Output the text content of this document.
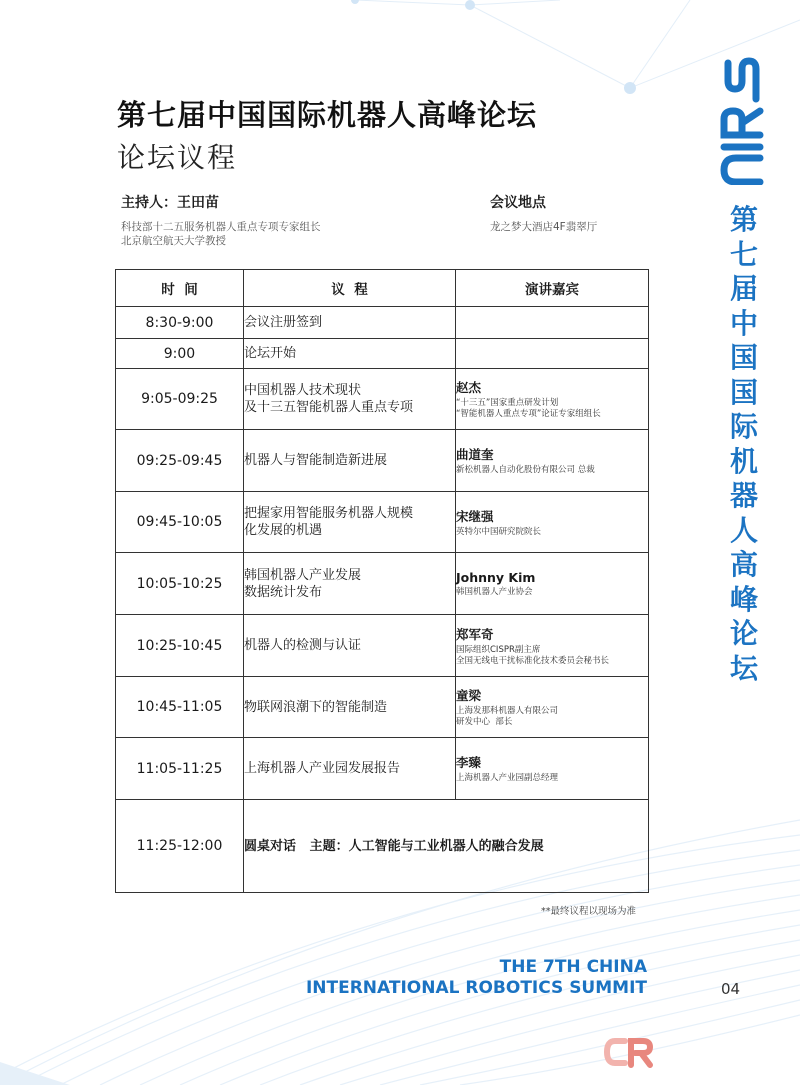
第七届中国国际机器人高峰论坛
论坛议程
第
七
届
中
国
国
际
机
器
人
高
峰
论
坛
主持人：王田苗
科技部十二五服务机器人重点专项专家组长
北京航空航天大学教授
会议地点
龙之梦大酒店4F翡翠厅
时  间	议  程	演讲嘉宾
8:30-9:00	会议注册签到	

9:00	论坛开始	

9:05-09:25	中国机器人技术现状
及十三五智能机器人重点专项	赵杰
“十三五”国家重点研发计划
“智能机器人重点专项”论证专家组组长

09:25-09:45	机器人与智能制造新进展	曲道奎
新松机器人自动化股份有限公司 总裁

09:45-10:05	把握家用智能服务机器人规模
化发展的机遇	宋继强
英特尔中国研究院院长

10:05-10:25	韩国机器人产业发展
数据统计发布	Johnny Kim
韩国机器人产业协会

10:25-10:45	机器人的检测与认证	郑军奇
国际组织CISPR副主席
全国无线电干扰标准化技术委员会秘书长

10:45-11:05	物联网浪潮下的智能制造	童梁
上海发那科机器人有限公司
研发中心  部长

11:05-11:25	上海机器人产业园发展报告	李臻
上海机器人产业园副总经理

11:25-12:00	圆桌对话   主题：人工智能与工业机器人的融合发展	
**最终议程以现场为准
THE 7TH CHINA
INTERNATIONAL ROBOTICS SUMMIT	04
